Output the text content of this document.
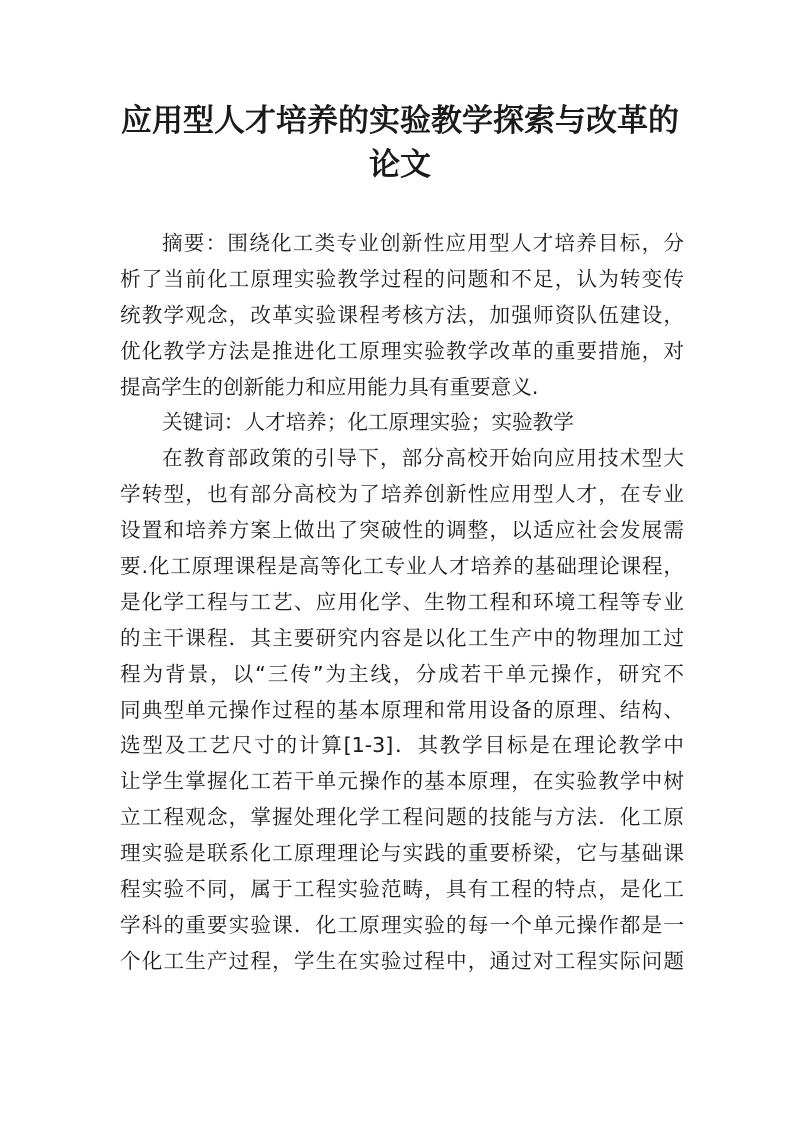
应用型人才培养的实验教学探索与改革的
论文
摘要：围绕化工类专业创新性应用型人才培养目标，分
析了当前化工原理实验教学过程的问题和不足，认为转变传
统教学观念，改革实验课程考核方法，加强师资队伍建设，
优化教学方法是推进化工原理实验教学改革的重要措施，对
提高学生的创新能力和应用能力具有重要意义.
关键词：人才培养；化工原理实验；实验教学
在教育部政策的引导下，部分高校开始向应用技术型大
学转型，也有部分高校为了培养创新性应用型人才，在专业
设置和培养方案上做出了突破性的调整，以适应社会发展需
要.化工原理课程是高等化工专业人才培养的基础理论课程，
是化学工程与工艺、应用化学、生物工程和环境工程等专业
的主干课程．其主要研究内容是以化工生产中的物理加工过
程为背景，以“三传”为主线，分成若干单元操作，研究不
同典型单元操作过程的基本原理和常用设备的原理、结构、
选型及工艺尺寸的计算[1-3]．其教学目标是在理论教学中
让学生掌握化工若干单元操作的基本原理，在实验教学中树
立工程观念，掌握处理化学工程问题的技能与方法．化工原
理实验是联系化工原理理论与实践的重要桥梁，它与基础课
程实验不同，属于工程实验范畴，具有工程的特点，是化工
学科的重要实验课．化工原理实验的每一个单元操作都是一
个化工生产过程，学生在实验过程中，通过对工程实际问题
